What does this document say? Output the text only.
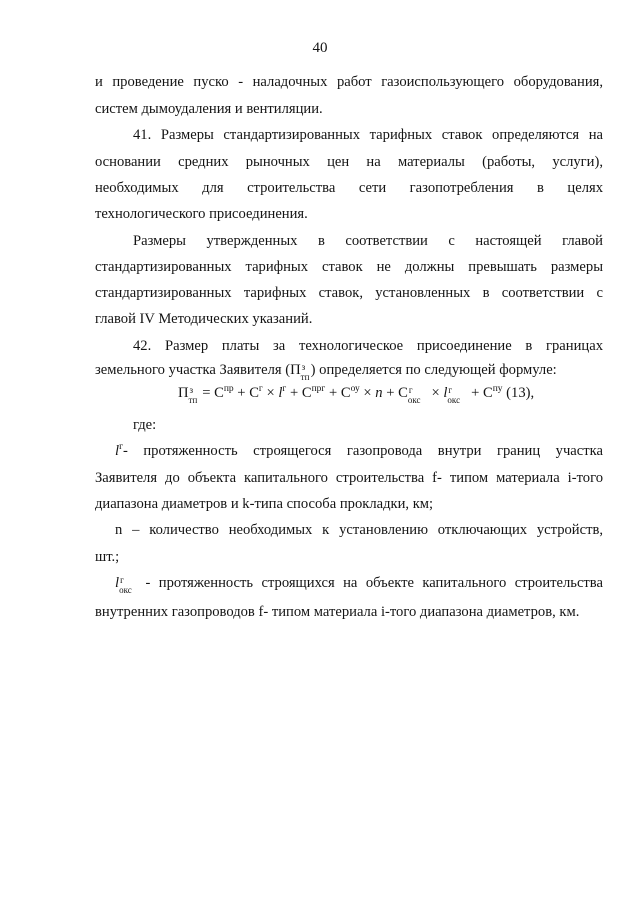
40
и проведение пуско - наладочных работ газоиспользующего оборудования,
систем дымоудаления и вентиляции.
41. Размеры стандартизированных тарифных ставок определяются на
основании средних рыночных цен на материалы (работы, услуги),
необходимых для строительства сети газопотребления в целях
технологического присоединения.
Размеры утвержденных в соответствии с настоящей главой
стандартизированных тарифных ставок не должны превышать размеры
стандартизированных тарифных ставок, установленных в соответствии с
главой IV Методических указаний.
42. Размер платы за технологическое присоединение в границах
земельного участка Заявителя (П з
тп ) определяется по следующей формуле:
П з
тп = $С^{пр} + С^г \times l^г + С^{прг} + С^{оу} \times n + С$ г
окс × l г
окс + $С^{пу}$ (13),
где:
$l^г-$ протяженность строящегося газопровода внутри границ участка
Заявителя до объекта капитального строительства f- типом материала i-того
диапазона диаметров и k-типа способа прокладки, км;
n – количество необходимых к установлению отключающих устройств,
шт.;
l г
окс - протяженность строящихся на объекте капитального строительства
внутренних газопроводов f- типом материала i-того диапазона диаметров, км.
